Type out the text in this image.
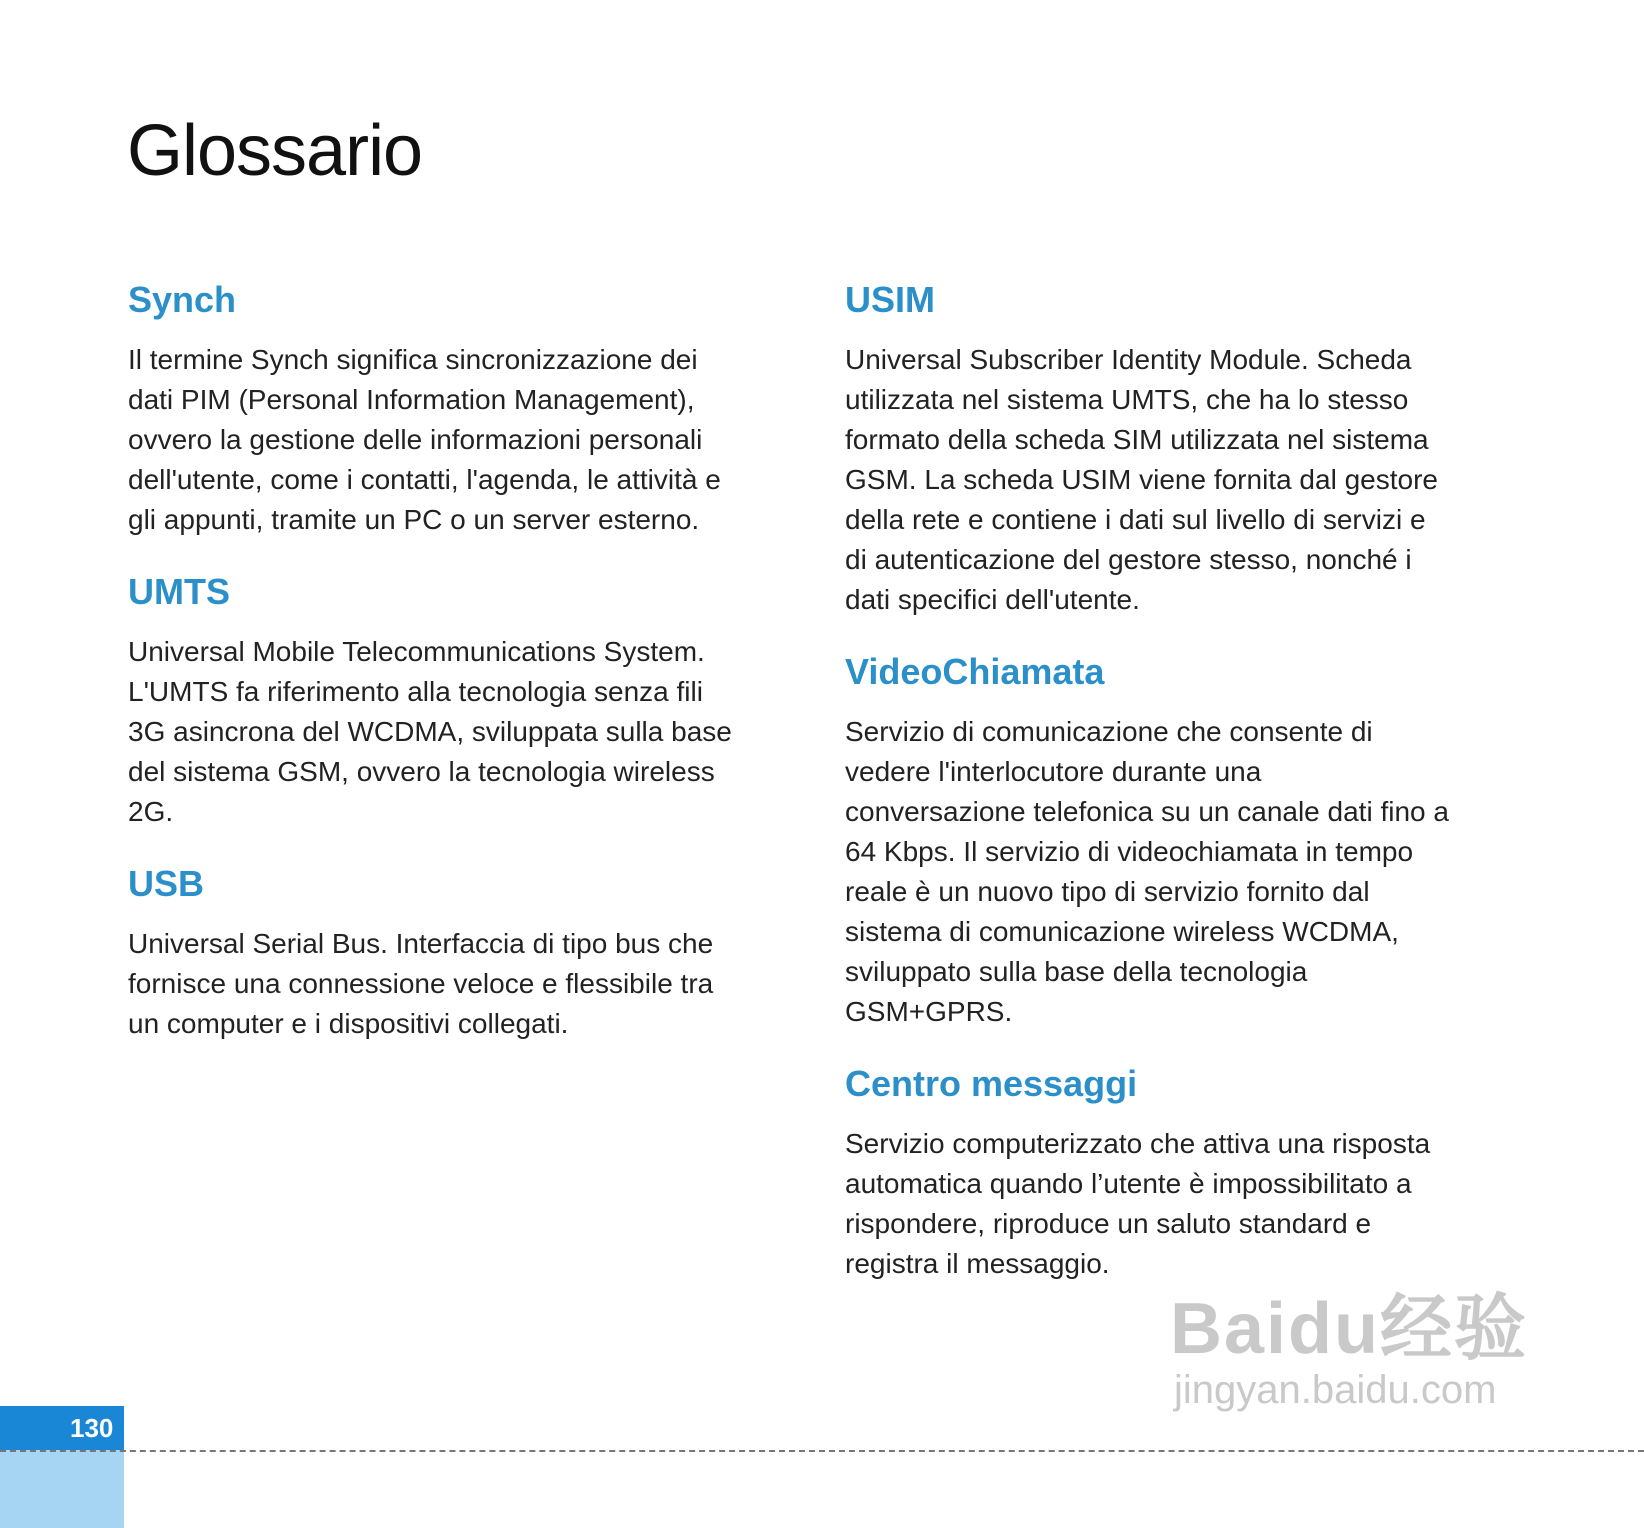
Glossario
Synch

Il termine Synch significa sincronizzazione dei
dati PIM (Personal Information Management),
ovvero la gestione delle informazioni personali
dell'utente, come i contatti, l'agenda, le attività e
gli appunti, tramite un PC o un server esterno.

UMTS

Universal Mobile Telecommunications System.
L'UMTS fa riferimento alla tecnologia senza fili
3G asincrona del WCDMA, sviluppata sulla base
del sistema GSM, ovvero la tecnologia wireless
2G.

USB

Universal Serial Bus. Interfaccia di tipo bus che
fornisce una connessione veloce e flessibile tra
un computer e i dispositivi collegati.

USIM

Universal Subscriber Identity Module. Scheda
utilizzata nel sistema UMTS, che ha lo stesso
formato della scheda SIM utilizzata nel sistema
GSM. La scheda USIM viene fornita dal gestore
della rete e contiene i dati sul livello di servizi e
di autenticazione del gestore stesso, nonché i
dati specifici dell'utente.

VideoChiamata

Servizio di comunicazione che consente di
vedere l'interlocutore durante una
conversazione telefonica su un canale dati fino a
64 Kbps. Il servizio di videochiamata in tempo
reale è un nuovo tipo di servizio fornito dal
sistema di comunicazione wireless WCDMA,
sviluppato sulla base della tecnologia
GSM+GPRS.

Centro messaggi

Servizio computerizzato che attiva una risposta
automatica quando l’utente è impossibilitato a
rispondere, riproduce un saluto standard e
registra il messaggio.

130
Baidu经验
jingyan.baidu.com
